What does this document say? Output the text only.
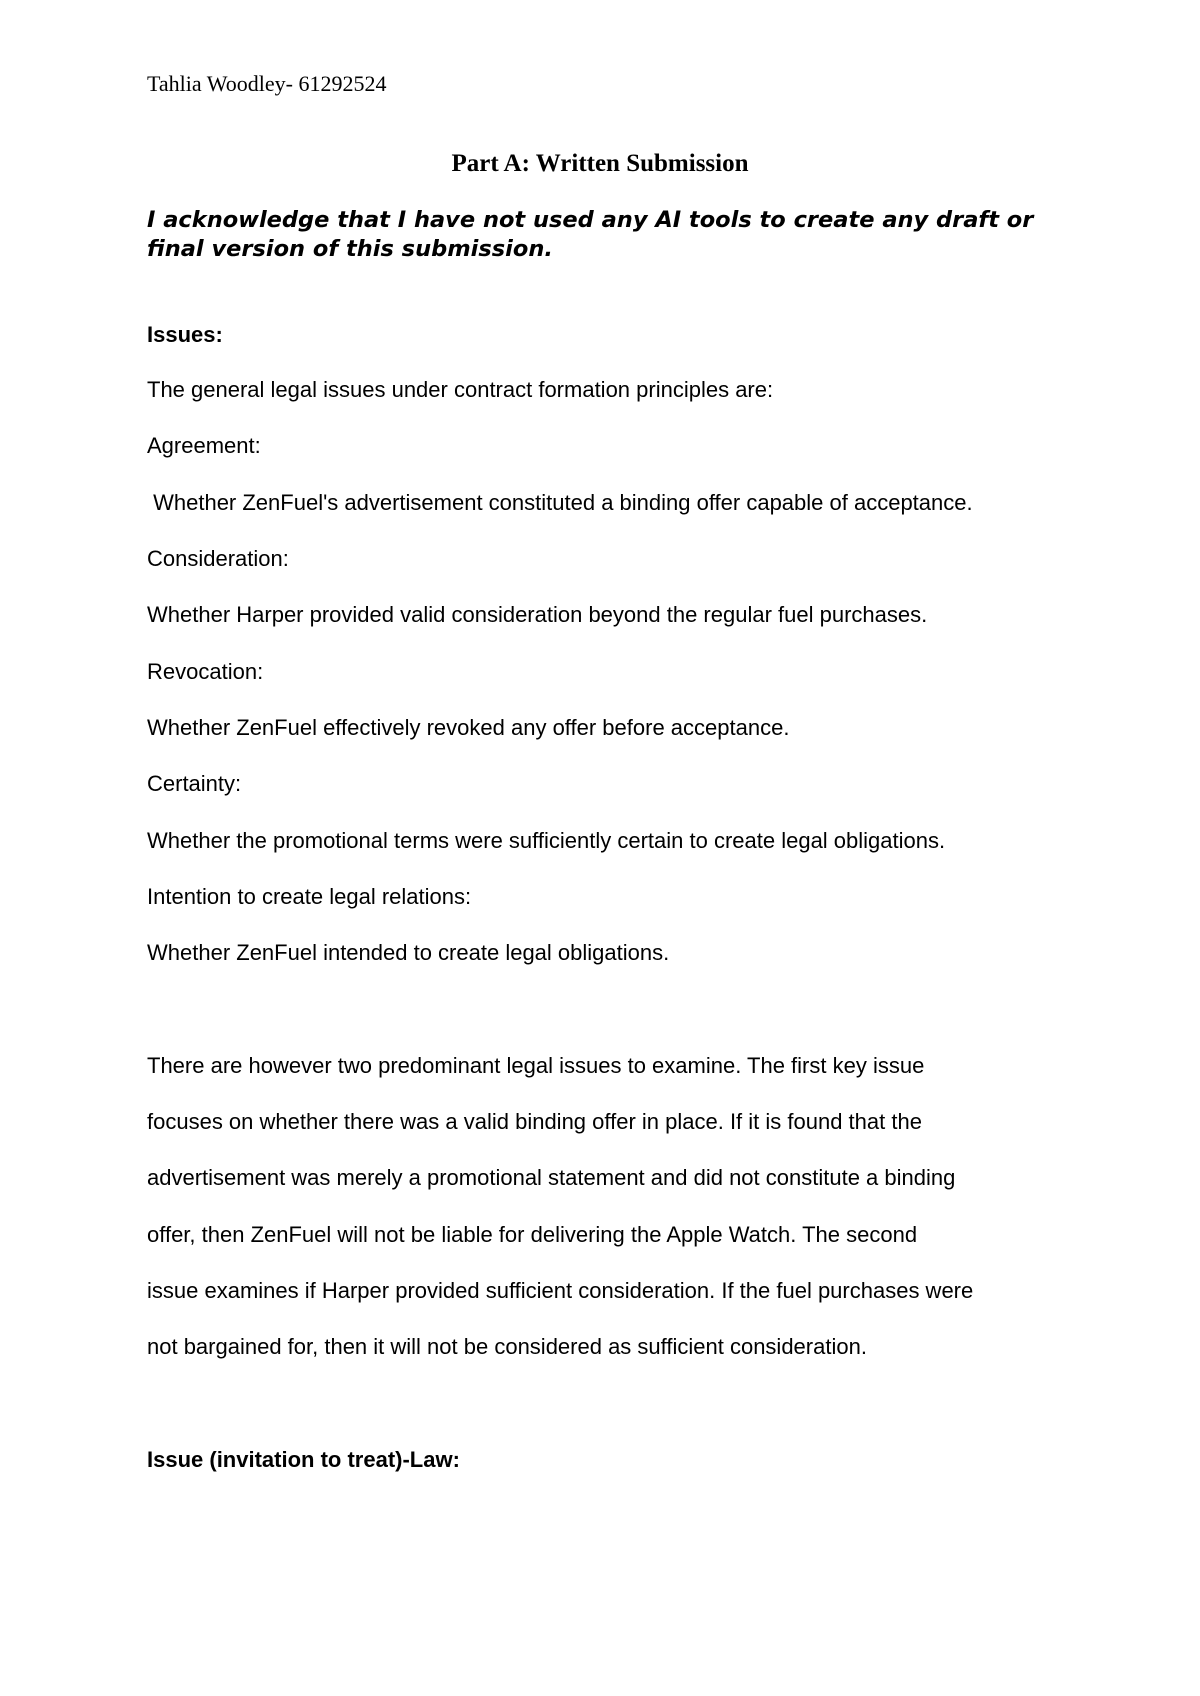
Tahlia Woodley- 61292524
Part A: Written Submission
I acknowledge that I have not used any AI tools to create any draft or final version of this submission.
Issues:
The general legal issues under contract formation principles are:
Agreement:
Whether ZenFuel's advertisement constituted a binding offer capable of acceptance.
Consideration:
Whether Harper provided valid consideration beyond the regular fuel purchases.
Revocation:
Whether ZenFuel effectively revoked any offer before acceptance.
Certainty:
Whether the promotional terms were sufficiently certain to create legal obligations.
Intention to create legal relations:
Whether ZenFuel intended to create legal obligations.
There are however two predominant legal issues to examine. The first key issue
focuses on whether there was a valid binding offer in place. If it is found that the
advertisement was merely a promotional statement and did not constitute a binding
offer, then ZenFuel will not be liable for delivering the Apple Watch. The second
issue examines if Harper provided sufficient consideration. If the fuel purchases were
not bargained for, then it will not be considered as sufficient consideration.
Issue (invitation to treat)-Law:
